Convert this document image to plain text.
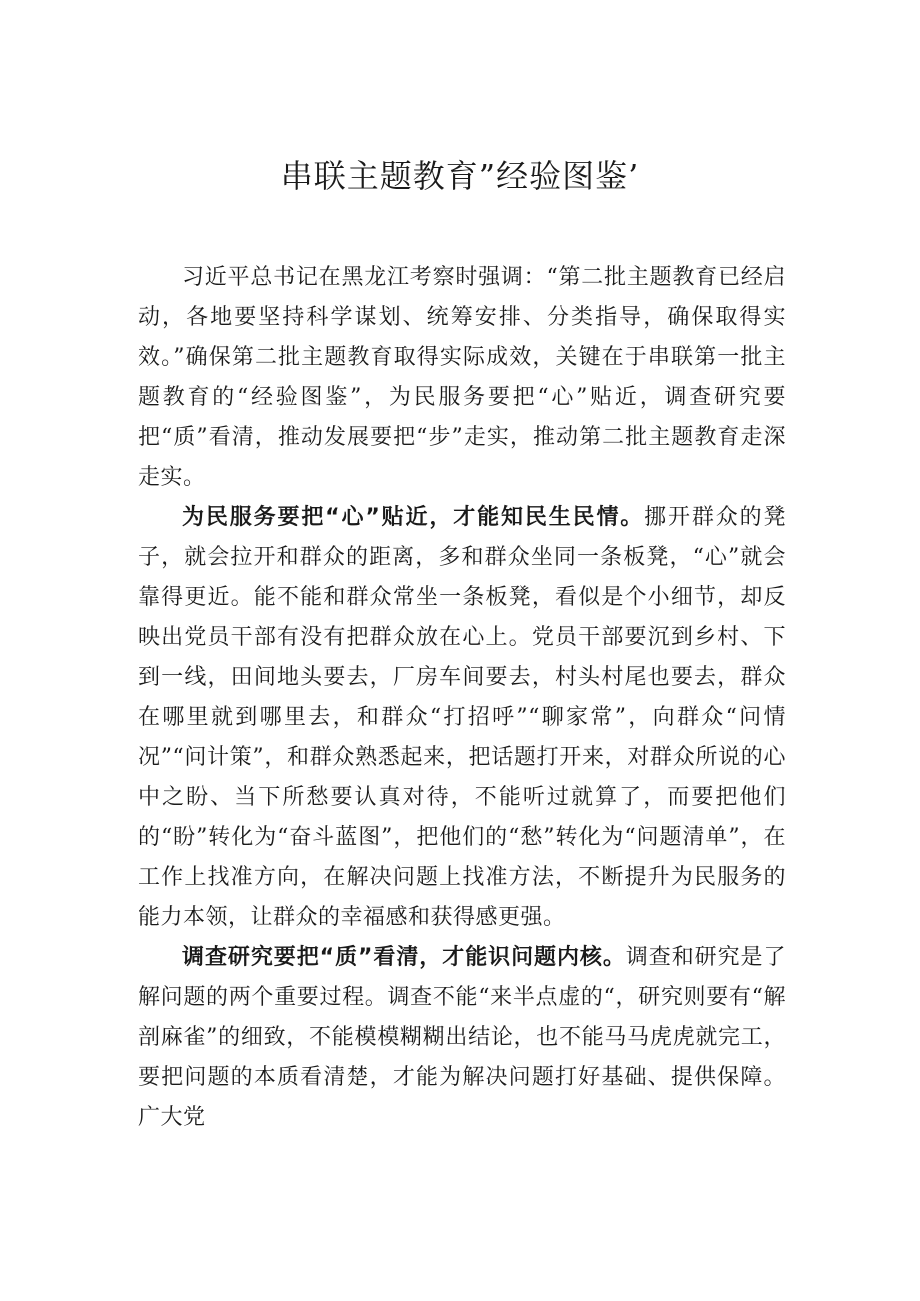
串联主题教育”经验图鉴’

习近平总书记在黑龙江考察时强调：“第二批主题教育已经启动，各地要坚持科学谋划、统筹安排、分类指导，确保取得实效。”确保第二批主题教育取得实际成效，关键在于串联第一批主题教育的“经验图鉴”，为民服务要把“心”贴近，调查研究要把“质”看清，推动发展要把“步”走实，推动第二批主题教育走深走实。

为民服务要把“心”贴近，才能知民生民情。挪开群众的凳子，就会拉开和群众的距离，多和群众坐同一条板凳，“心”就会靠得更近。能不能和群众常坐一条板凳，看似是个小细节，却反映出党员干部有没有把群众放在心上。党员干部要沉到乡村、下到一线，田间地头要去，厂房车间要去，村头村尾也要去，群众在哪里就到哪里去，和群众“打招呼”“聊家常”，向群众“问情况”“问计策”，和群众熟悉起来，把话题打开来，对群众所说的心中之盼、当下所愁要认真对待，不能听过就算了，而要把他们的“盼”转化为“奋斗蓝图”，把他们的“愁”转化为“问题清单”，在工作上找准方向，在解决问题上找准方法，不断提升为民服务的能力本领，让群众的幸福感和获得感更强。

调查研究要把“质”看清，才能识问题内核。调查和研究是了解问题的两个重要过程。调查不能“来半点虚的“，研究则要有“解剖麻雀”的细致，不能模模糊糊出结论，也不能马马虎虎就完工，要把问题的本质看清楚，才能为解决问题打好基础、提供保障。广大党
